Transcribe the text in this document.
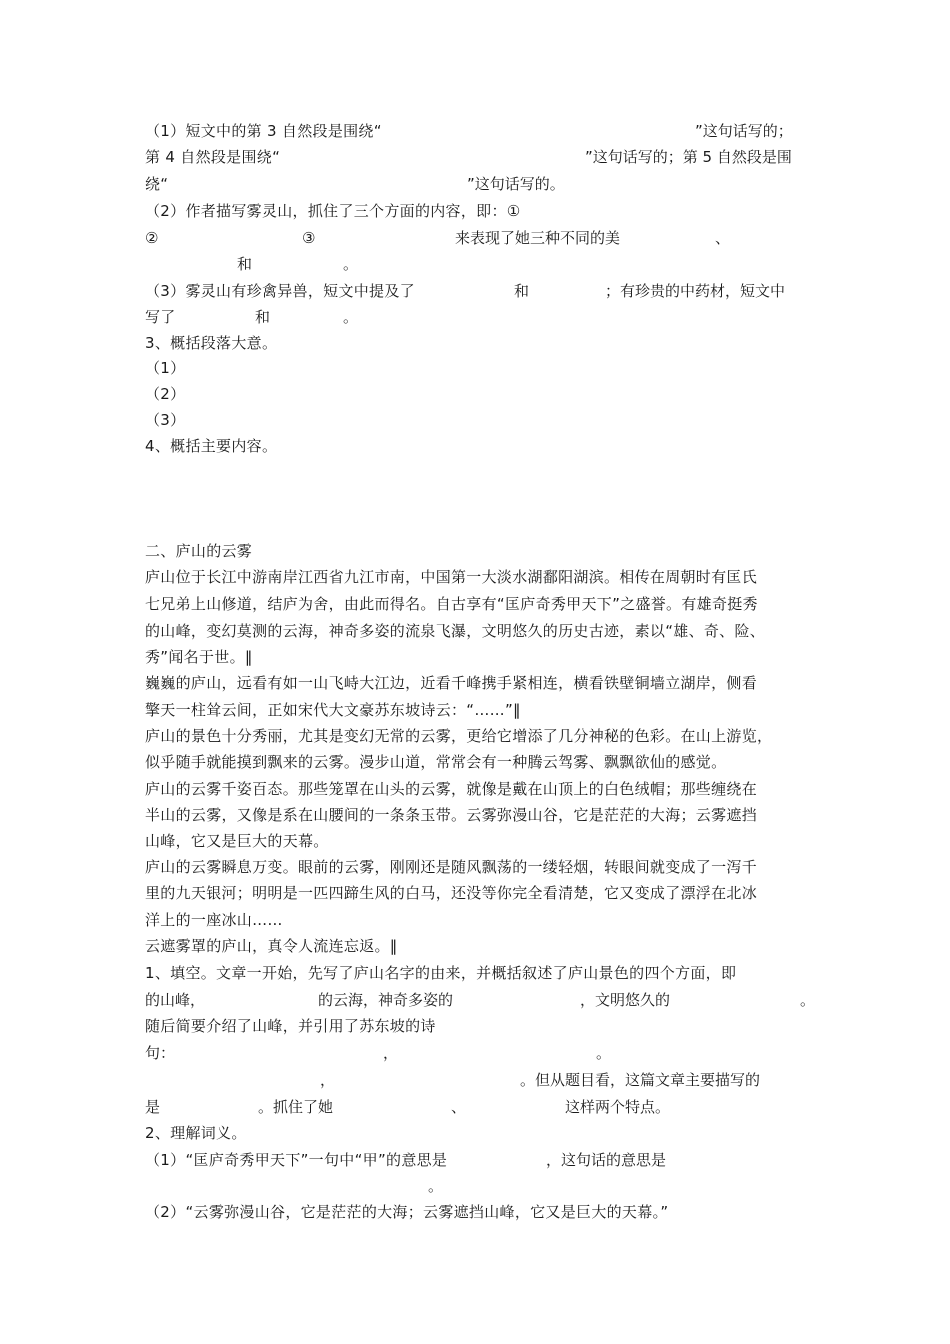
（1）短文中的第 3 自然段是围绕“	”这句话写的；
第 4 自然段是围绕“	”这句话写的；第 5 自然段是围
绕“	”这句话写的。
（2）作者描写雾灵山，抓住了三个方面的内容，即：①
②	③	来表现了她三种不同的美	、
和	。
（3）雾灵山有珍禽异兽，短文中提及了	和	；有珍贵的中药材，短文中
写了	和	。
3、概括段落大意。
（1）
（2）
（3）
4、概括主要内容。
二、庐山的云雾
庐山位于长江中游南岸江西省九江市南，中国第一大淡水湖鄱阳湖滨。相传在周朝时有匡氏
七兄弟上山修道，结庐为舍，由此而得名。自古享有“匡庐奇秀甲天下”之盛誉。有雄奇挺秀
的山峰，变幻莫测的云海，神奇多姿的流泉飞瀑，文明悠久的历史古迹，素以“雄、奇、险、
秀”闻名于世。‖
巍巍的庐山，远看有如一山飞峙大江边，近看千峰携手紧相连，横看铁壁铜墙立湖岸，侧看
擎天一柱耸云间，正如宋代大文豪苏东坡诗云：“……”‖
庐山的景色十分秀丽，尤其是变幻无常的云雾，更给它增添了几分神秘的色彩。在山上游览，
似乎随手就能摸到飘来的云雾。漫步山道，常常会有一种腾云驾雾、飘飘欲仙的感觉。
庐山的云雾千姿百态。那些笼罩在山头的云雾，就像是戴在山顶上的白色绒帽；那些缠绕在
半山的云雾，又像是系在山腰间的一条条玉带。云雾弥漫山谷，它是茫茫的大海；云雾遮挡
山峰，它又是巨大的天幕。
庐山的云雾瞬息万变。眼前的云雾，刚刚还是随风飘荡的一缕轻烟，转眼间就变成了一泻千
里的九天银河；明明是一匹四蹄生风的白马，还没等你完全看清楚，它又变成了漂浮在北冰
洋上的一座冰山……
云遮雾罩的庐山，真令人流连忘返。‖
1、填空。文章一开始，先写了庐山名字的由来，并概括叙述了庐山景色的四个方面，即
的山峰，	的云海，神奇多姿的	，文明悠久的	。
随后简要介绍了山峰，并引用了苏东坡的诗
句：	，	。
，	。但从题目看，这篇文章主要描写的
是	。抓住了她	、	这样两个特点。
2、理解词义。
（1）“匡庐奇秀甲天下”一句中“甲”的意思是	，这句话的意思是
。
（2）“云雾弥漫山谷，它是茫茫的大海；云雾遮挡山峰，它又是巨大的天幕。”
